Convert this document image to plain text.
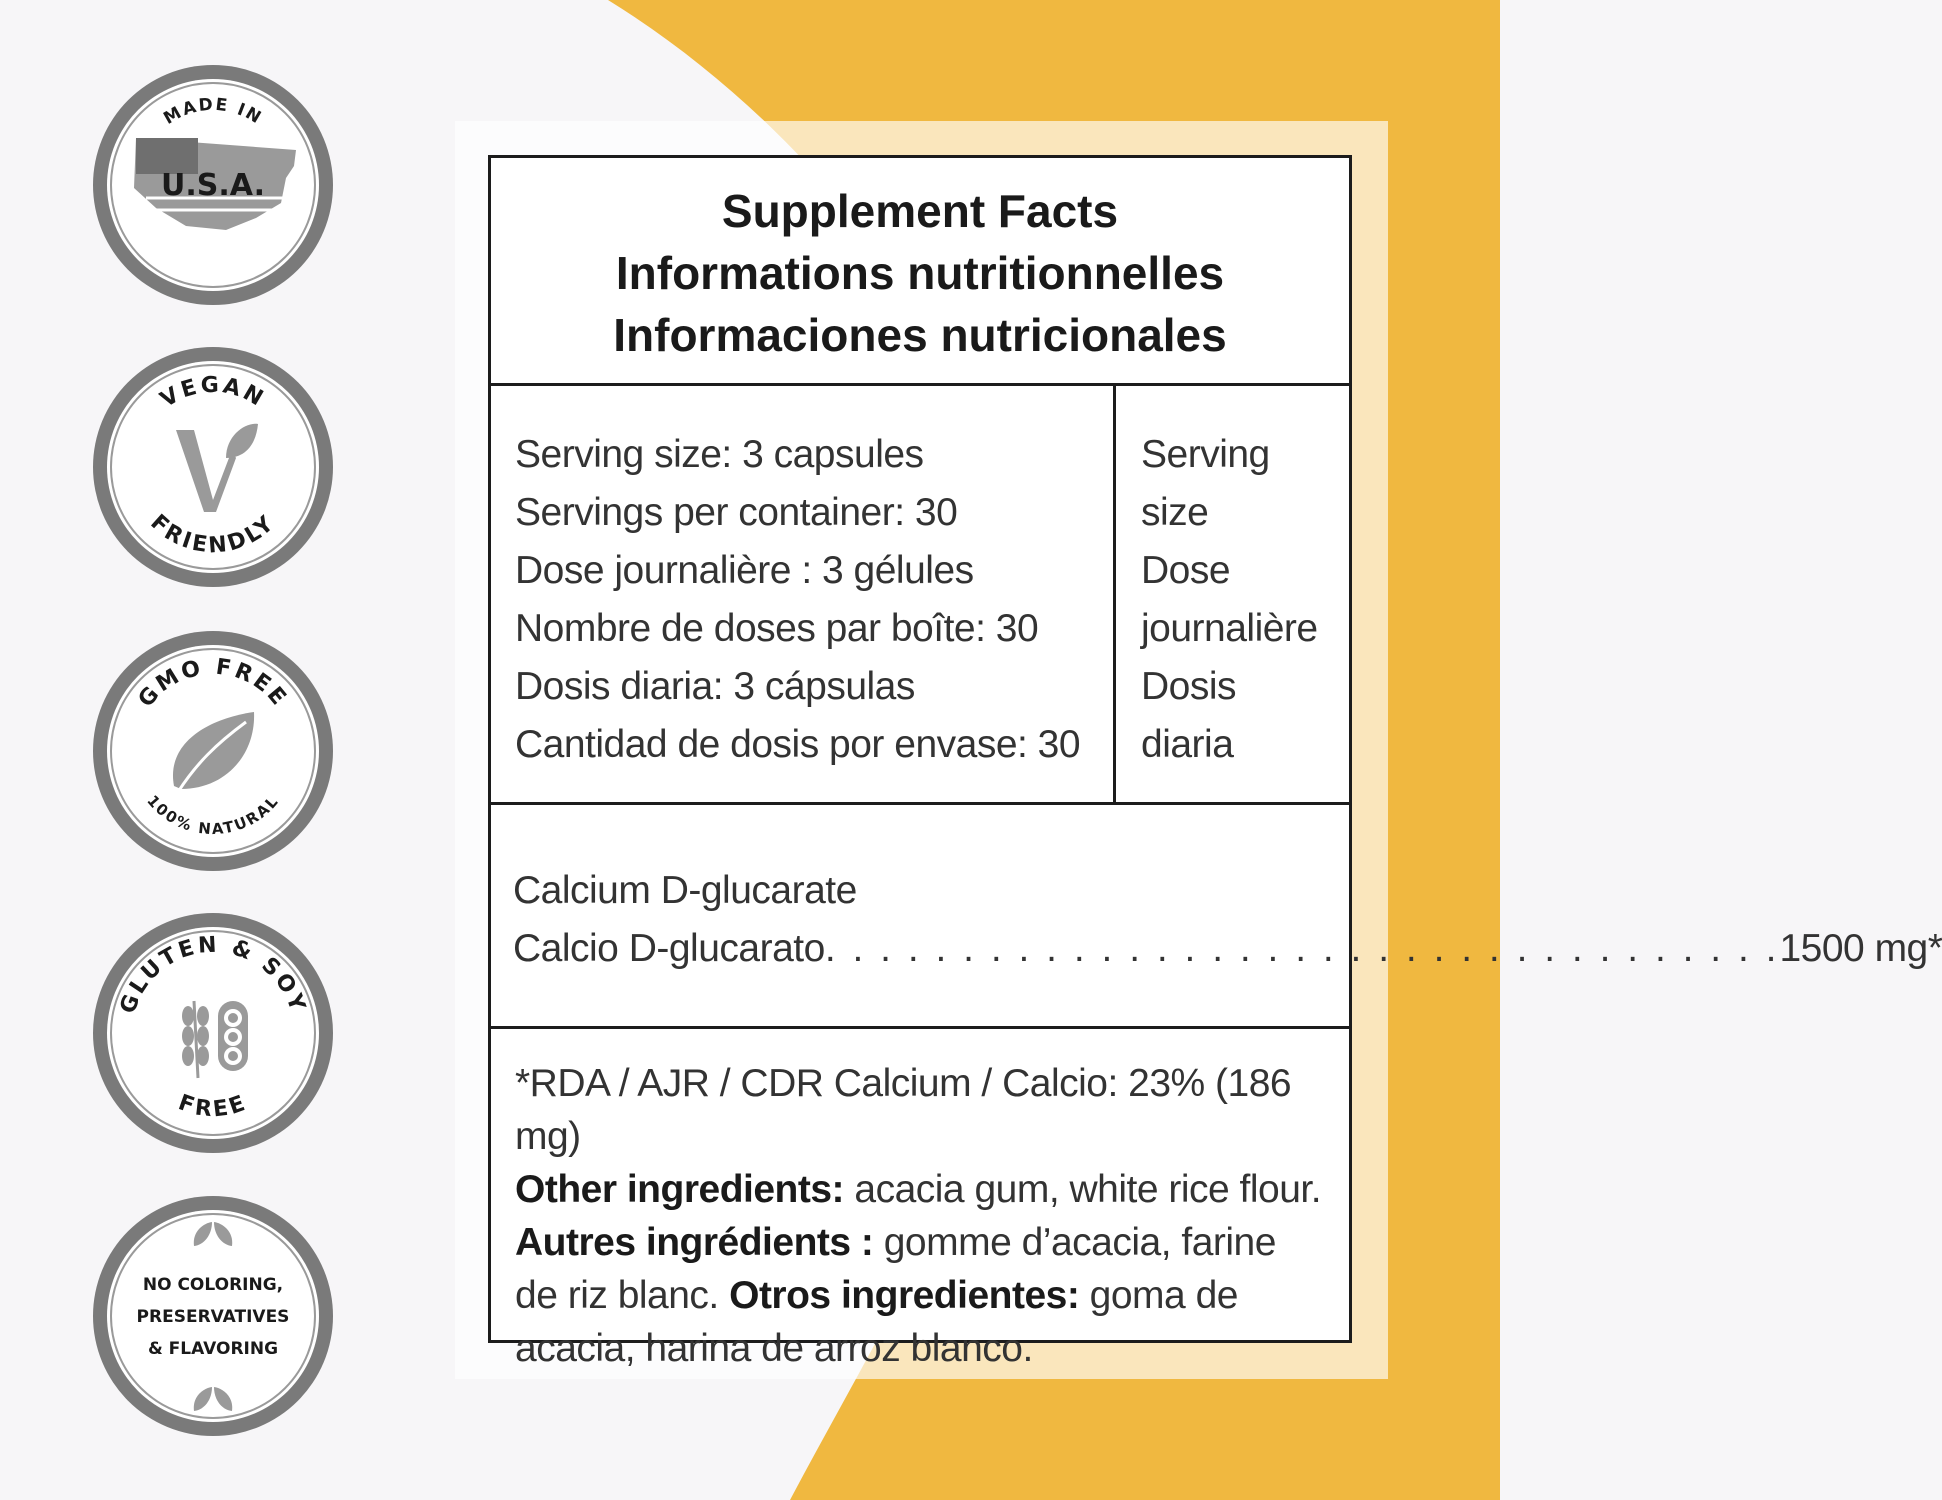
MADE IN
U.S.A.
VEGAN
FRIENDLY
GMO FREE
100% NATURAL
GLUTEN & SOY
FREE
NO COLORING,
PRESERVATIVES
& FLAVORING
Supplement Facts
Informations nutritionnelles
Informaciones nutricionales
Serving size: 3 capsules
Servings per container: 30
Dose journalière : 3 gélules
Nombre de doses par boîte: 30
Dosis diaria: 3 cápsulas
Cantidad de dosis por envase: 30
Serving
size
Dose
journalière
Dosis
diaria
Calcium D-glucarate
Calcio D-glucarato . . . . . . . . . . . . . . . . . . . . . . . . . . . . . . . . . . . 1500 mg*
*RDA / AJR / CDR Calcium / Calcio: 23% (186 mg)
Other ingredients: acacia gum, white rice flour. Autres ingrédients : gomme d’acacia, farine de riz blanc. Otros ingredientes: goma de acacia, harina de arroz blanco.
